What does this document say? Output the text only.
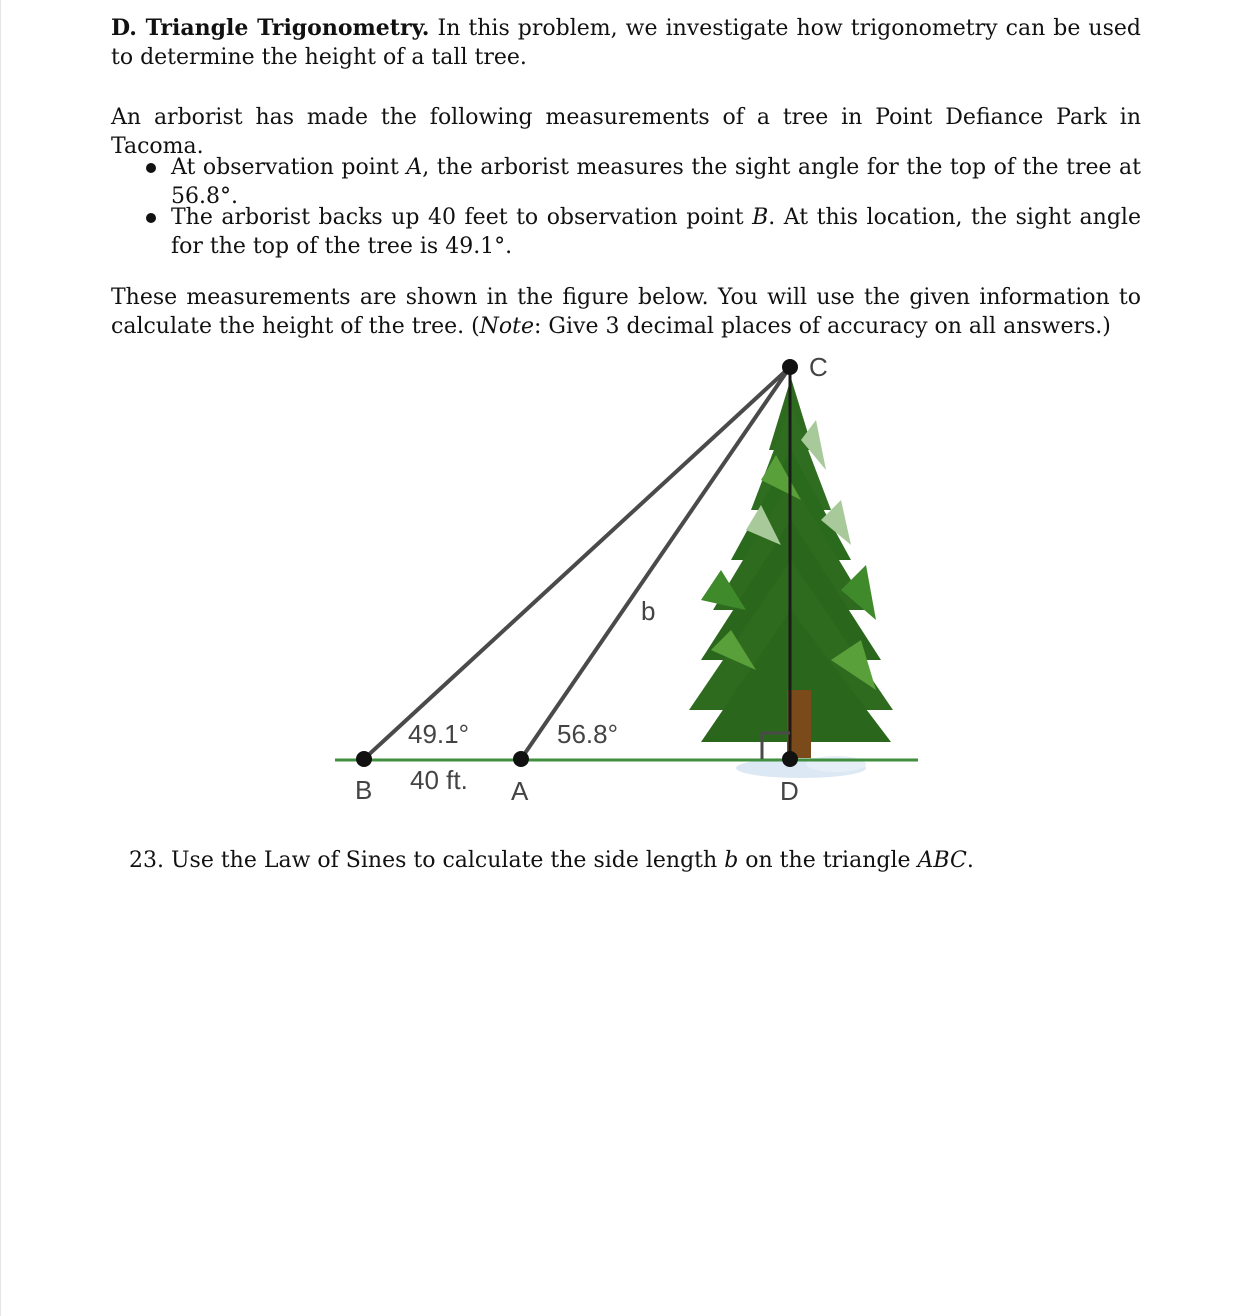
D. Triangle Trigonometry. In this problem, we investigate how trigonometry can be used to determine the height of a tall tree.
An arborist has made the following measurements of a tree in Point Defiance Park in Tacoma.
At observation point A, the arborist measures the sight angle for the top of the tree at 56.8°.
The arborist backs up 40 feet to observation point B. At this location, the sight angle for the top of the tree is 49.1°.
These measurements are shown in the figure below. You will use the given information to calculate the height of the tree. (Note: Give 3 decimal places of accuracy on all answers.)
C
b
49.1°	56.8°
40 ft.
B	A	D
23. Use the Law of Sines to calculate the side length b on the triangle ABC.
